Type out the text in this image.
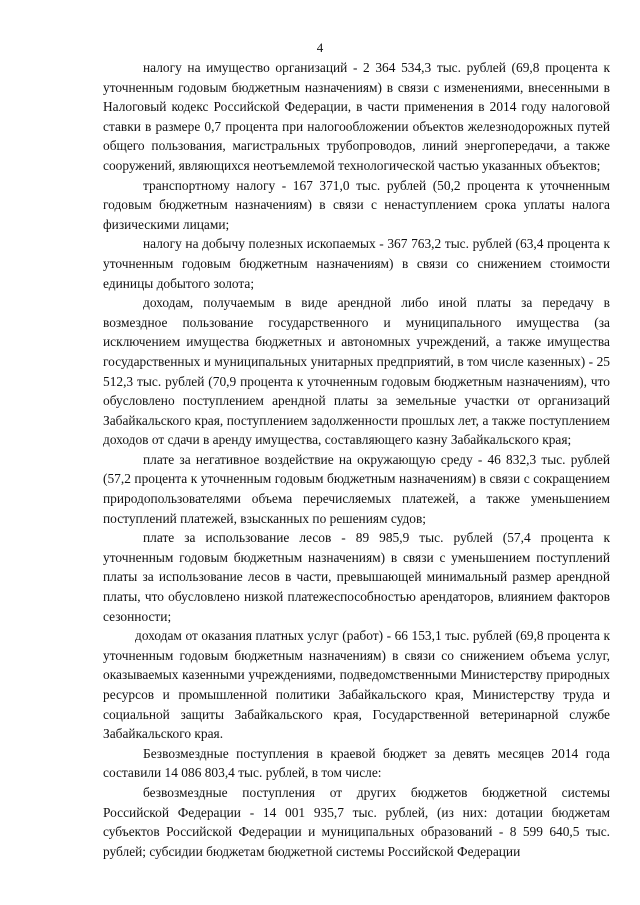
4

налогу на имущество организаций - 2 364 534,3 тыс. рублей (69,8 процента к уточненным годовым бюджетным назначениям) в связи с изменениями, внесенными в Налоговый кодекс Российской Федерации, в части применения в 2014 году налоговой ставки в размере 0,7 процента при налогообложении объектов железнодорожных путей общего пользования, магистральных трубопроводов, линий энергопередачи, а также сооружений, являющихся неотъемлемой технологической частью указанных объектов;

транспортному налогу - 167 371,0 тыс. рублей (50,2 процента к уточненным годовым бюджетным назначениям) в связи с ненаступлением срока уплаты налога физическими лицами;

налогу на добычу полезных ископаемых - 367 763,2 тыс. рублей (63,4 процента к уточненным годовым бюджетным назначениям) в связи со снижением стоимости единицы добытого золота;

доходам, получаемым в виде арендной либо иной платы за передачу в возмездное пользование государственного и муниципального имущества (за исключением имущества бюджетных и автономных учреждений, а также имущества государственных и муниципальных унитарных предприятий, в том числе казенных) - 25 512,3 тыс. рублей (70,9 процента к уточненным годовым бюджетным назначениям), что обусловлено поступлением арендной платы за земельные участки от организаций Забайкальского края, поступлением задолженности прошлых лет, а также поступлением доходов от сдачи в аренду имущества, составляющего казну Забайкальского края;

плате за негативное воздействие на окружающую среду - 46 832,3 тыс. рублей (57,2 процента к уточненным годовым бюджетным назначениям) в связи с сокращением природопользователями объема перечисляемых платежей, а также уменьшением поступлений платежей, взысканных по решениям судов;

плате за использование лесов - 89 985,9 тыс. рублей (57,4 процента к уточненным годовым бюджетным назначениям) в связи с уменьшением поступлений платы за использование лесов в части, превышающей минимальный размер арендной платы, что обусловлено низкой платежеспособностью арендаторов, влиянием факторов сезонности;

доходам от оказания платных услуг (работ) - 66 153,1 тыс. рублей (69,8 процента к уточненным годовым бюджетным назначениям) в связи со снижением объема услуг, оказываемых казенными учреждениями, подведомственными Министерству природных ресурсов и промышленной политики Забайкальского края, Министерству труда и социальной защиты Забайкальского края, Государственной ветеринарной службе Забайкальского края.

Безвозмездные поступления в краевой бюджет за девять месяцев 2014 года составили 14 086 803,4 тыс. рублей, в том числе:

безвозмездные поступления от других бюджетов бюджетной системы Российской Федерации - 14 001 935,7 тыс. рублей, (из них: дотации бюджетам субъектов Российской Федерации и муниципальных образований - 8 599 640,5 тыс. рублей; субсидии бюджетам бюджетной системы Российской Федерации
